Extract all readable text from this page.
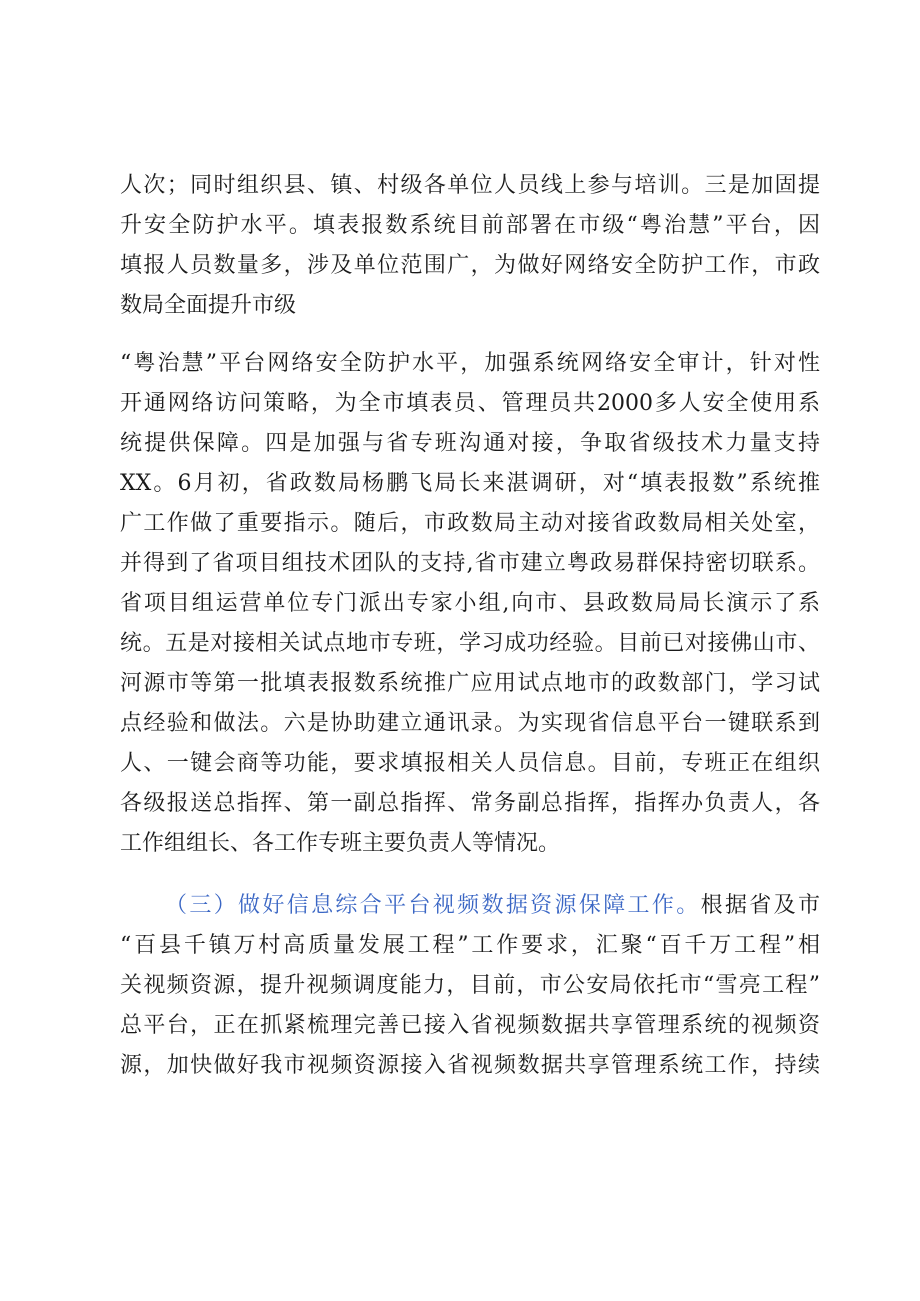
人次；同时组织县、镇、村级各单位人员线上参与培训。三是加固提
升安全防护水平。填表报数系统目前部署在市级“粤治慧”平台，因
填报人员数量多，涉及单位范围广，为做好网络安全防护工作，市政
数局全面提升市级
“粤治慧”平台网络安全防护水平，加强系统网络安全审计，针对性
开通网络访问策略，为全市填表员、管理员共2000多人安全使用系
统提供保障。四是加强与省专班沟通对接，争取省级技术力量支持
XX。6月初，省政数局杨鹏飞局长来湛调研，对“填表报数”系统推
广工作做了重要指示。随后，市政数局主动对接省政数局相关处室，
并得到了省项目组技术团队的支持,省市建立粤政易群保持密切联系。
省项目组运营单位专门派出专家小组,向市、县政数局局长演示了系
统。五是对接相关试点地市专班，学习成功经验。目前已对接佛山市、
河源市等第一批填表报数系统推广应用试点地市的政数部门，学习试
点经验和做法。六是协助建立通讯录。为实现省信息平台一键联系到
人、一键会商等功能，要求填报相关人员信息。目前，专班正在组织
各级报送总指挥、第一副总指挥、常务副总指挥，指挥办负责人，各
工作组组长、各工作专班主要负责人等情况。
（三）做好信息综合平台视频数据资源保障工作。根据省及市
“百县千镇万村高质量发展工程”工作要求，汇聚“百千万工程”相
关视频资源，提升视频调度能力，目前，市公安局依托市“雪亮工程”
总平台，正在抓紧梳理完善已接入省视频数据共享管理系统的视频资
源，加快做好我市视频资源接入省视频数据共享管理系统工作，持续
